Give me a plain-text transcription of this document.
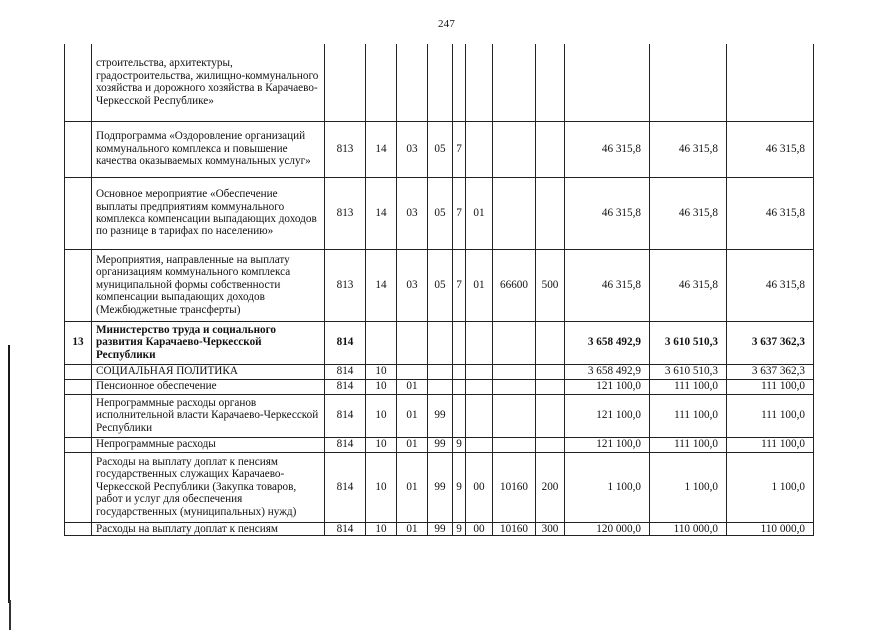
247
	строительства, архитектуры, градостроительства, жилищно-коммунального хозяйства и дорожного хозяйства в Карачаево-Черкесской Республике»											
	Подпрограмма «Оздоровление организаций коммунального комплекса и повышение качества оказываемых коммунальных услуг»	813	14	03	05	7				46 315,8	46 315,8	46 315,8
	Основное мероприятие «Обеспечение выплаты предприятиям коммунального комплекса компенсации выпадающих доходов по разнице в тарифах по населению»	813	14	03	05	7	01			46 315,8	46 315,8	46 315,8
	Мероприятия, направленные на выплату организациям коммунального комплекса муниципальной формы собственности компенсации выпадающих доходов (Межбюджетные трансферты)	813	14	03	05	7	01	66600	500	46 315,8	46 315,8	46 315,8
13	Министерство труда и социального развития Карачаево-Черкесской Республики	814								3 658 492,9	3 610 510,3	3 637 362,3
	СОЦИАЛЬНАЯ ПОЛИТИКА	814	10							3 658 492,9	3 610 510,3	3 637 362,3
	Пенсионное обеспечение	814	10	01						121 100,0	111 100,0	111 100,0
	Непрограммные расходы органов исполнительной власти Карачаево-Черкесской Республики	814	10	01	99					121 100,0	111 100,0	111 100,0
	Непрограммные расходы	814	10	01	99	9				121 100,0	111 100,0	111 100,0
	Расходы на выплату доплат к пенсиям государственных служащих Карачаево-Черкесской Республики (Закупка товаров, работ и услуг для обеспечения государственных (муниципальных) нужд)	814	10	01	99	9	00	10160	200	1 100,0	1 100,0	1 100,0
	Расходы на выплату доплат к пенсиям	814	10	01	99	9	00	10160	300	120 000,0	110 000,0	110 000,0
